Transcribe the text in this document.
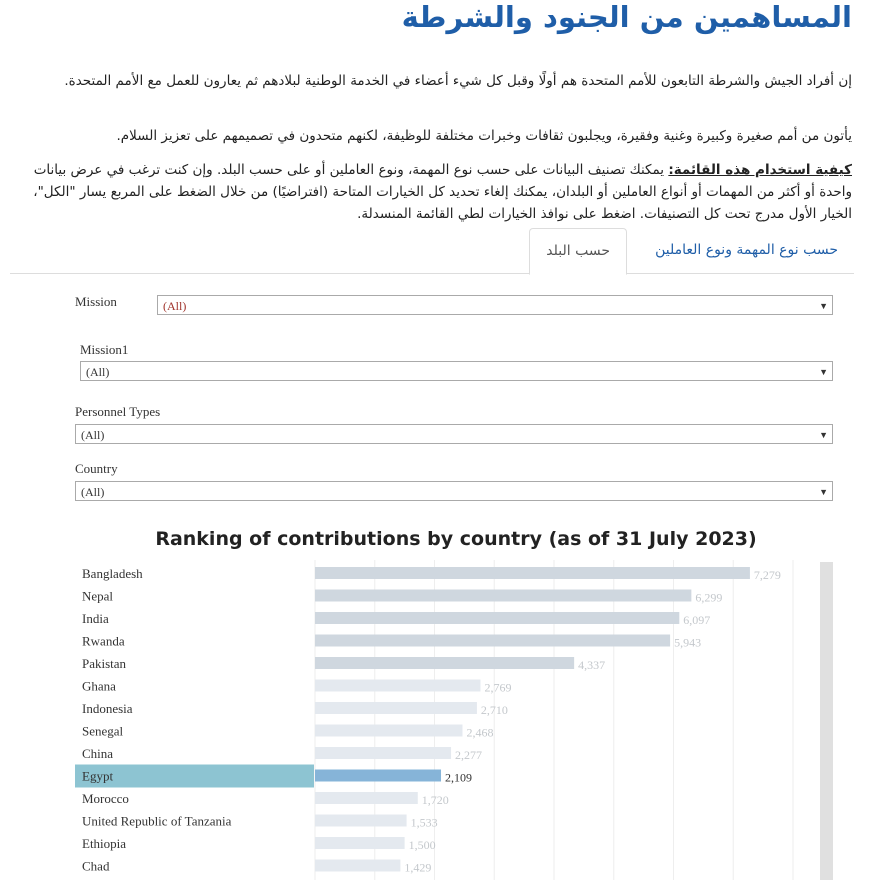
المساهمين من الجنود والشرطة

إن أفراد الجيش والشرطة التابعون للأمم المتحدة هم أولًا وقبل كل شيء أعضاء في الخدمة الوطنية لبلادهم ثم يعارون للعمل مع الأمم المتحدة.

يأتون من أمم صغيرة وكبيرة وغنية وفقيرة، ويجلبون ثقافات وخبرات مختلفة للوظيفة، لكنهم متحدون في تصميمهم على تعزيز السلام.

كيفية استخدام هذه القائمة: يمكنك تصنيف البيانات على حسب نوع المهمة، ونوع العاملين أو على حسب البلد. وإن كنت ترغب في عرض بيانات واحدة أو أكثر من المهمات أو أنواع العاملين أو البلدان، يمكنك إلغاء تحديد كل الخيارات المتاحة (افتراضيًا) من خلال الضغط على المربع يسار "الكل"، الخيار الأول مدرج تحت كل التصنيفات. اضغط على نوافذ الخيارات لطي القائمة المنسدلة.

حسب البلد	حسب نوع المهمة ونوع العاملين
Mission	(All)	▼
Mission1
(All)	▼
Personnel Types
(All)	▼
Country
(All)	▼
Ranking of contributions by country (as of 31 July 2023)
Bangladesh	7,279
Nepal	6,299
India	6,097
Rwanda	5,943
Pakistan	4,337
Ghana	2,769
Indonesia	2,710
Senegal	2,468
China	2,277
Egypt	2,109
Morocco	1,720
United Republic of Tanzania	1,533
Ethiopia	1,500
Chad	1,429
